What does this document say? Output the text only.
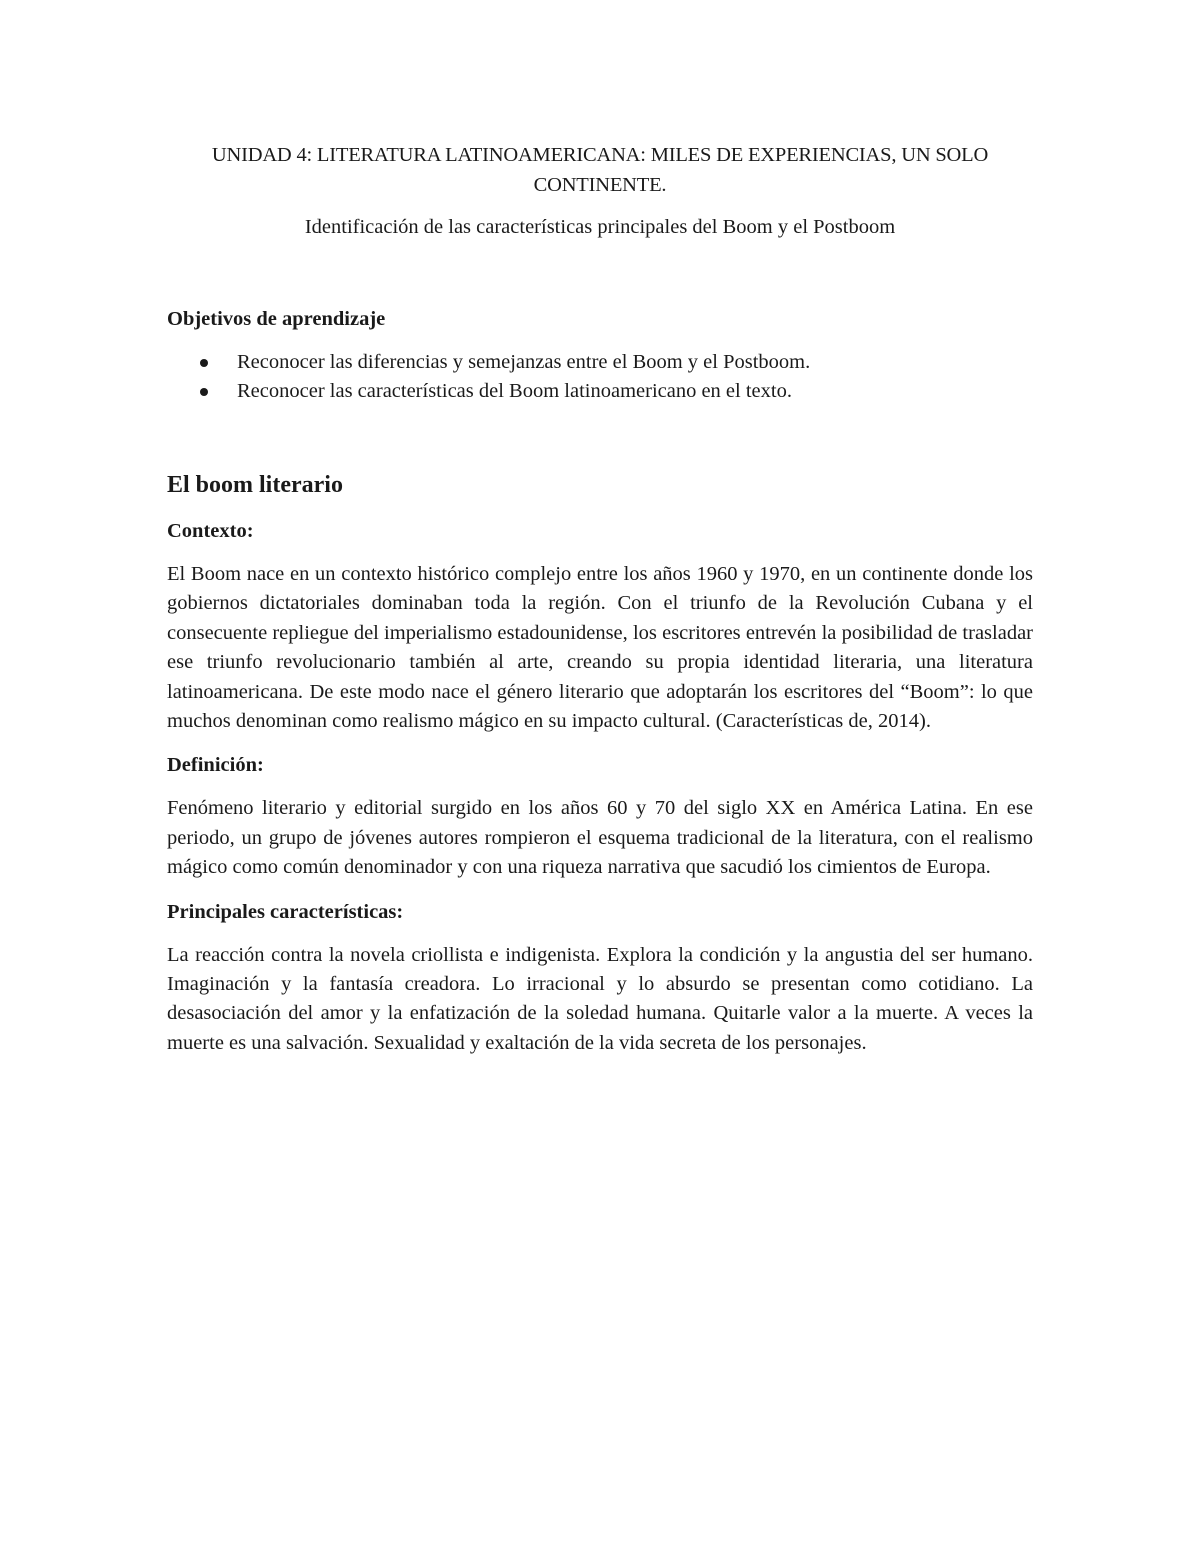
UNIDAD 4: LITERATURA LATINOAMERICANA: MILES DE EXPERIENCIAS, UN SOLO CONTINENTE.

Identificación de las características principales del Boom y el Postboom

Objetivos de aprendizaje

Reconocer las diferencias y semejanzas entre el Boom y el Postboom.
Reconocer las características del Boom latinoamericano en el texto.
El boom literario

Contexto:

El Boom nace en un contexto histórico complejo entre los años 1960 y 1970, en un continente donde los gobiernos dictatoriales dominaban toda la región. Con el triunfo de la Revolución Cubana y el consecuente repliegue del imperialismo estadounidense, los escritores entrevén la posibilidad de trasladar ese triunfo revolucionario también al arte, creando su propia identidad literaria, una literatura latinoamericana. De este modo nace el género literario que adoptarán los escritores del “Boom”: lo que muchos denominan como realismo mágico en su impacto cultural. (Características de, 2014).

Definición:

Fenómeno literario y editorial surgido en los años 60 y 70 del siglo XX en América Latina. En ese periodo, un grupo de jóvenes autores rompieron el esquema tradicional de la literatura, con el realismo mágico como común denominador y con una riqueza narrativa que sacudió los cimientos de Europa.

Principales características:

La reacción contra la novela criollista e indigenista. Explora la condición y la angustia del ser humano. Imaginación y la fantasía creadora. Lo irracional y lo absurdo se presentan como cotidiano. La desasociación del amor y la enfatización de la soledad humana. Quitarle valor a la muerte. A veces la muerte es una salvación. Sexualidad y exaltación de la vida secreta de los personajes.
